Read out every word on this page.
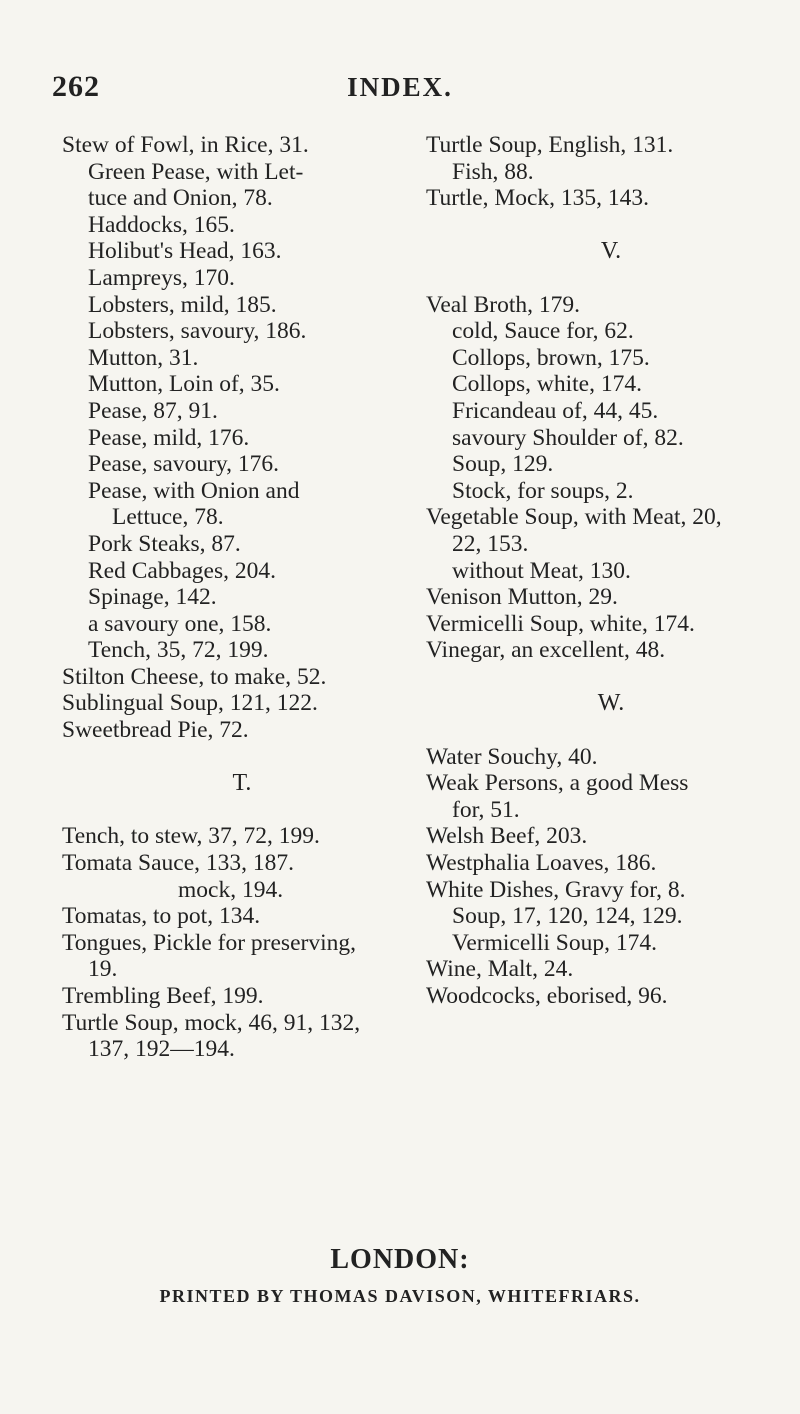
262	INDEX.
Stew of Fowl, in Rice, 31.
Green Pease, with Let-
tuce and Onion, 78.
Haddocks, 165.
Holibut's Head, 163.
Lampreys, 170.
Lobsters, mild, 185.
Lobsters, savoury, 186.
Mutton, 31.
Mutton, Loin of, 35.
Pease, 87, 91.
Pease, mild, 176.
Pease, savoury, 176.
Pease, with Onion and
Lettuce, 78.
Pork Steaks, 87.
Red Cabbages, 204.
Spinage, 142.
a savoury one, 158.
Tench, 35, 72, 199.
Stilton Cheese, to make, 52.
Sublingual Soup, 121, 122.
Sweetbread Pie, 72.

T.

Tench, to stew, 37, 72, 199.
Tomata Sauce, 133, 187.
mock, 194.
Tomatas, to pot, 134.
Tongues, Pickle for preserving,
19.
Trembling Beef, 199.
Turtle Soup, mock, 46, 91, 132,
137, 192—194.
Turtle Soup, English, 131.
Fish, 88.
Turtle, Mock, 135, 143.

V.

Veal Broth, 179.
cold, Sauce for, 62.
Collops, brown, 175.
Collops, white, 174.
Fricandeau of, 44, 45.
savoury Shoulder of, 82.
Soup, 129.
Stock, for soups, 2.
Vegetable Soup, with Meat, 20,
22, 153.
without Meat, 130.
Venison Mutton, 29.
Vermicelli Soup, white, 174.
Vinegar, an excellent, 48.

W.

Water Souchy, 40.
Weak Persons, a good Mess
for, 51.
Welsh Beef, 203.
Westphalia Loaves, 186.
White Dishes, Gravy for, 8.
Soup, 17, 120, 124, 129.
Vermicelli Soup, 174.
Wine, Malt, 24.
Woodcocks, eborised, 96.
LONDON:
PRINTED BY THOMAS DAVISON, WHITEFRIARS.
